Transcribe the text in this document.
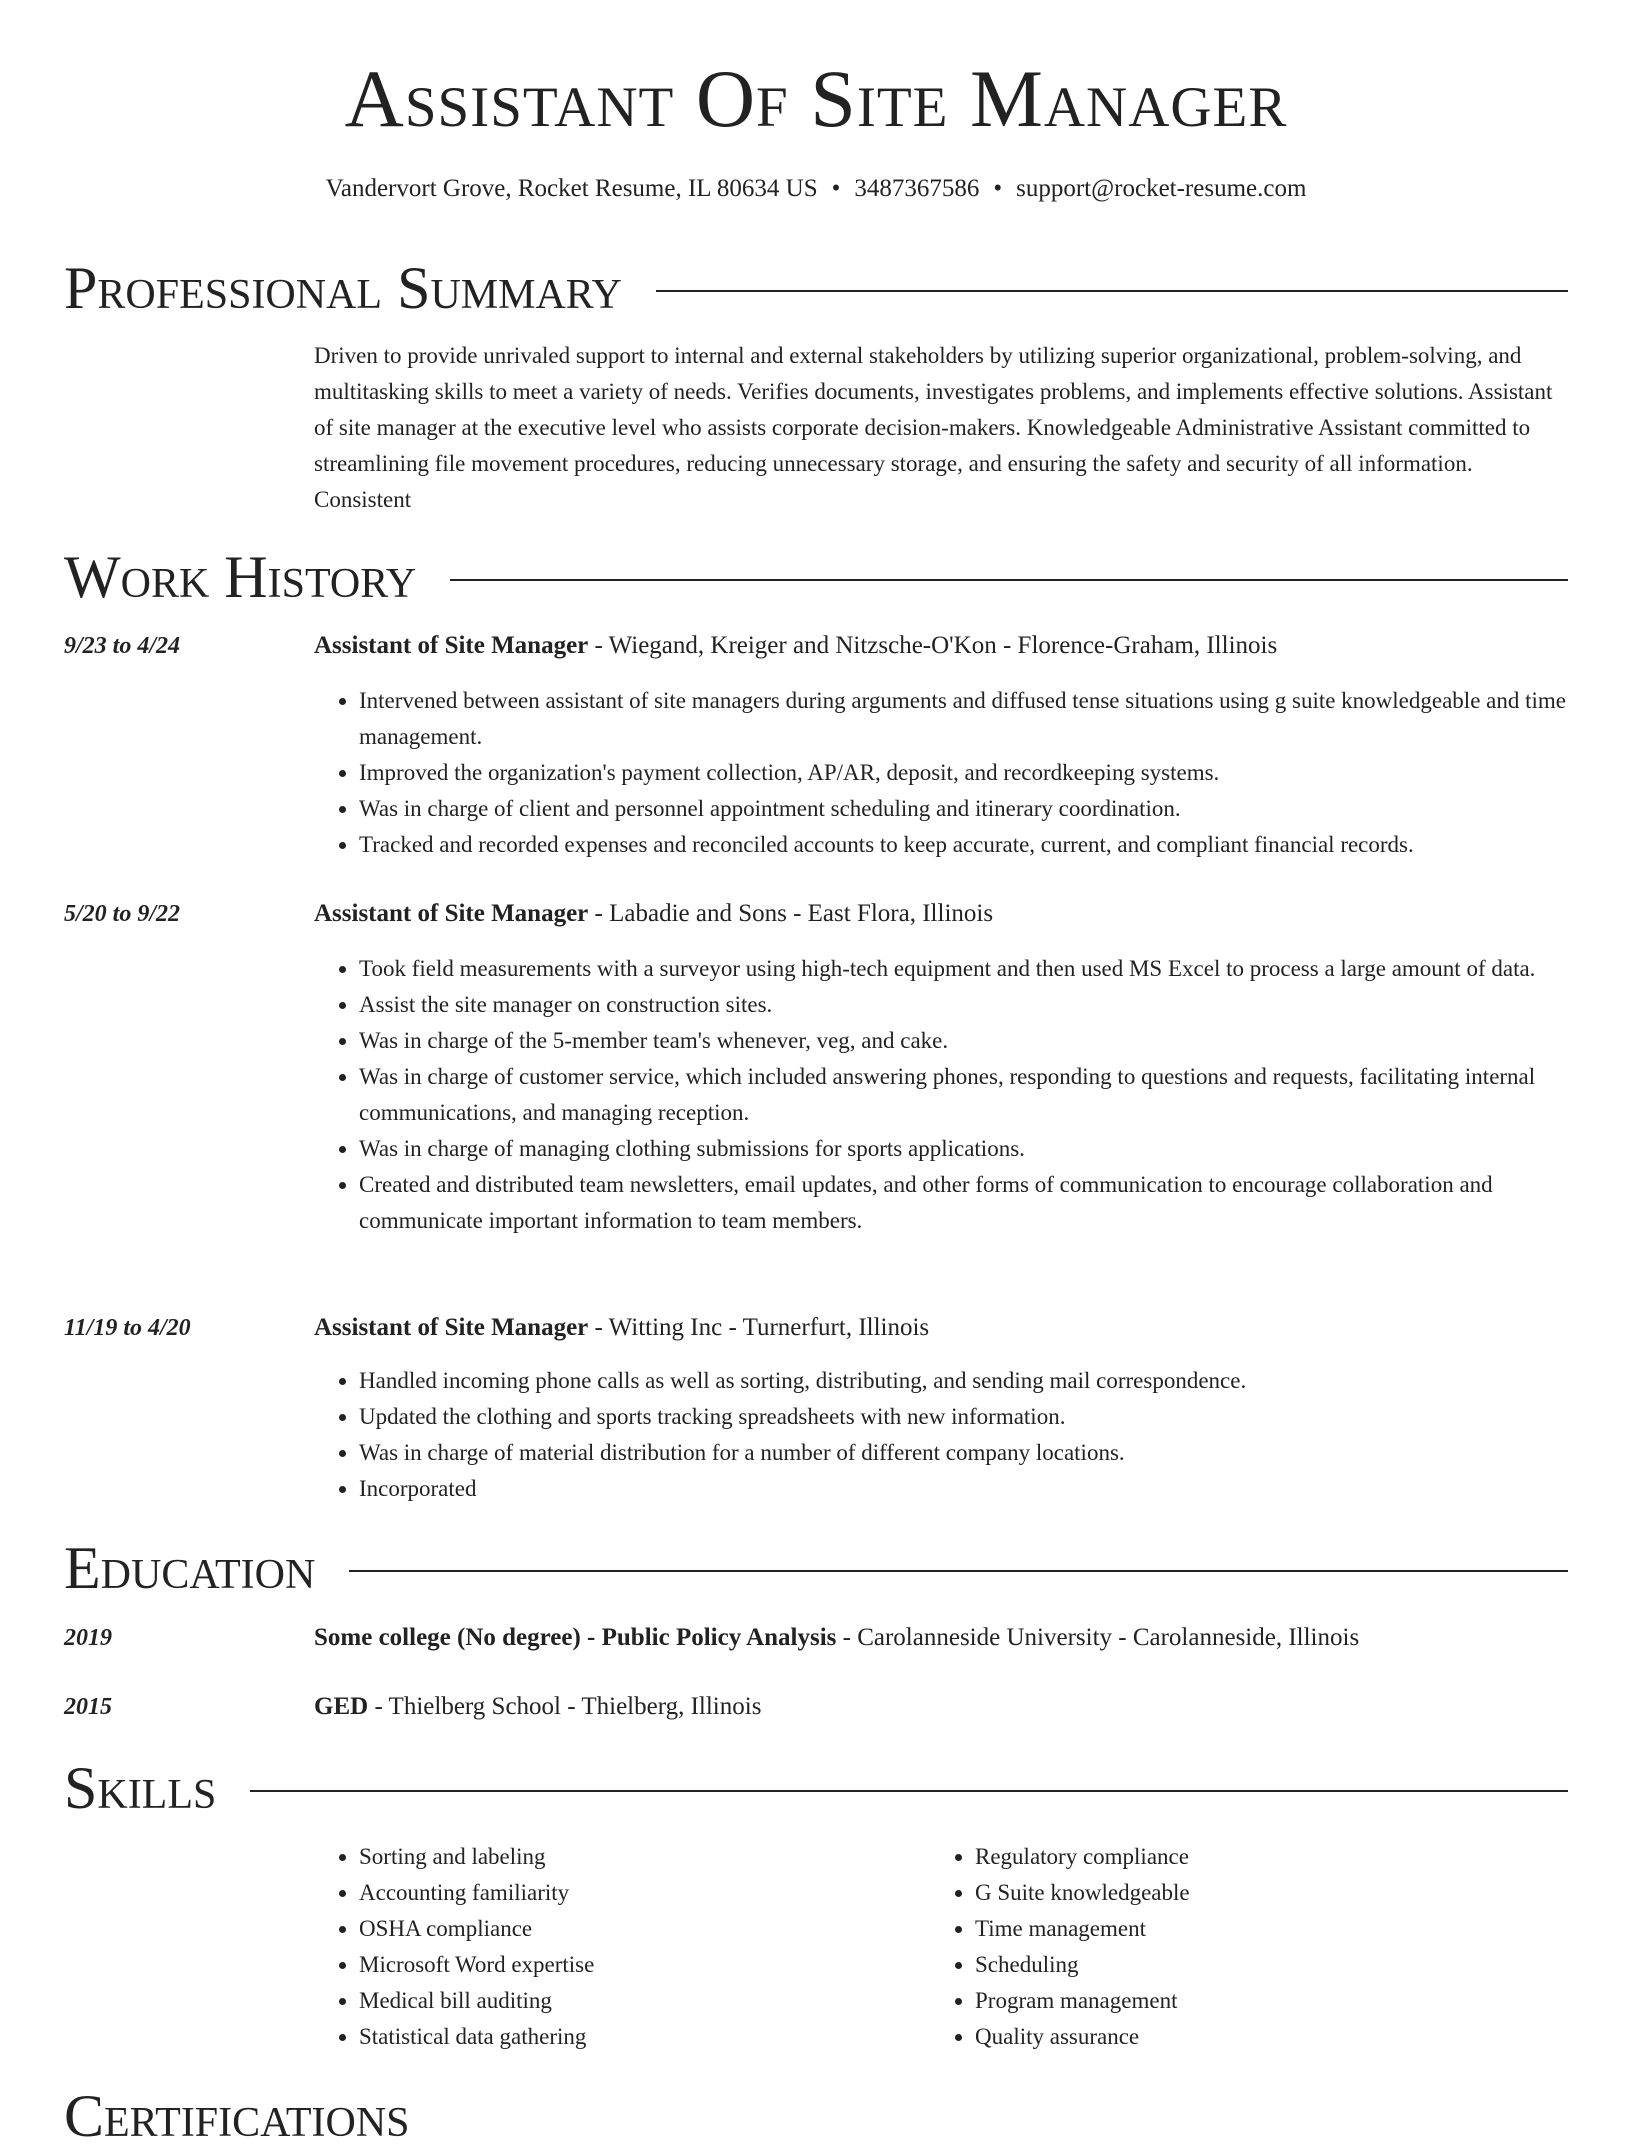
Assistant Of Site Manager
Vandervort Grove, Rocket Resume, IL 80634 US • 3487367586 • support@rocket-resume.com
Professional Summary

Driven to provide unrivaled support to internal and external stakeholders by utilizing superior organizational, problem-solving, and multitasking skills to meet a variety of needs. Verifies documents, investigates problems, and implements effective solutions. Assistant of site manager at the executive level who assists corporate decision-makers. Knowledgeable Administrative Assistant committed to streamlining file movement procedures, reducing unnecessary storage, and ensuring the safety and security of all information. Consistent

Work History
9/23 to 4/24	Assistant of Site Manager - Wiegand, Kreiger and Nitzsche-O'Kon - Florence-Graham, Illinois
• Intervened between assistant of site managers during arguments and diffused tense situations using g suite knowledgeable and time management.
• Improved the organization's payment collection, AP/AR, deposit, and recordkeeping systems.
• Was in charge of client and personnel appointment scheduling and itinerary coordination.
• Tracked and recorded expenses and reconciled accounts to keep accurate, current, and compliant financial records.
5/20 to 9/22	Assistant of Site Manager - Labadie and Sons - East Flora, Illinois
• Took field measurements with a surveyor using high-tech equipment and then used MS Excel to process a large amount of data.
• Assist the site manager on construction sites.
• Was in charge of the 5-member team's whenever, veg, and cake.
• Was in charge of customer service, which included answering phones, responding to questions and requests, facilitating internal communications, and managing reception.
• Was in charge of managing clothing submissions for sports applications.
• Created and distributed team newsletters, email updates, and other forms of communication to encourage collaboration and communicate important information to team members.
11/19 to 4/20	Assistant of Site Manager - Witting Inc - Turnerfurt, Illinois
• Handled incoming phone calls as well as sorting, distributing, and sending mail correspondence.
• Updated the clothing and sports tracking spreadsheets with new information.
• Was in charge of material distribution for a number of different company locations.
• Incorporated
Education
2019	Some college (No degree) - Public Policy Analysis - Carolanneside University - Carolanneside, Illinois
2015	GED - Thielberg School - Thielberg, Illinois
Skills
• Sorting and labeling
• Accounting familiarity
• OSHA compliance
• Microsoft Word expertise
• Medical bill auditing
• Statistical data gathering
• Regulatory compliance
• G Suite knowledgeable
• Time management
• Scheduling
• Program management
• Quality assurance
Certifications
